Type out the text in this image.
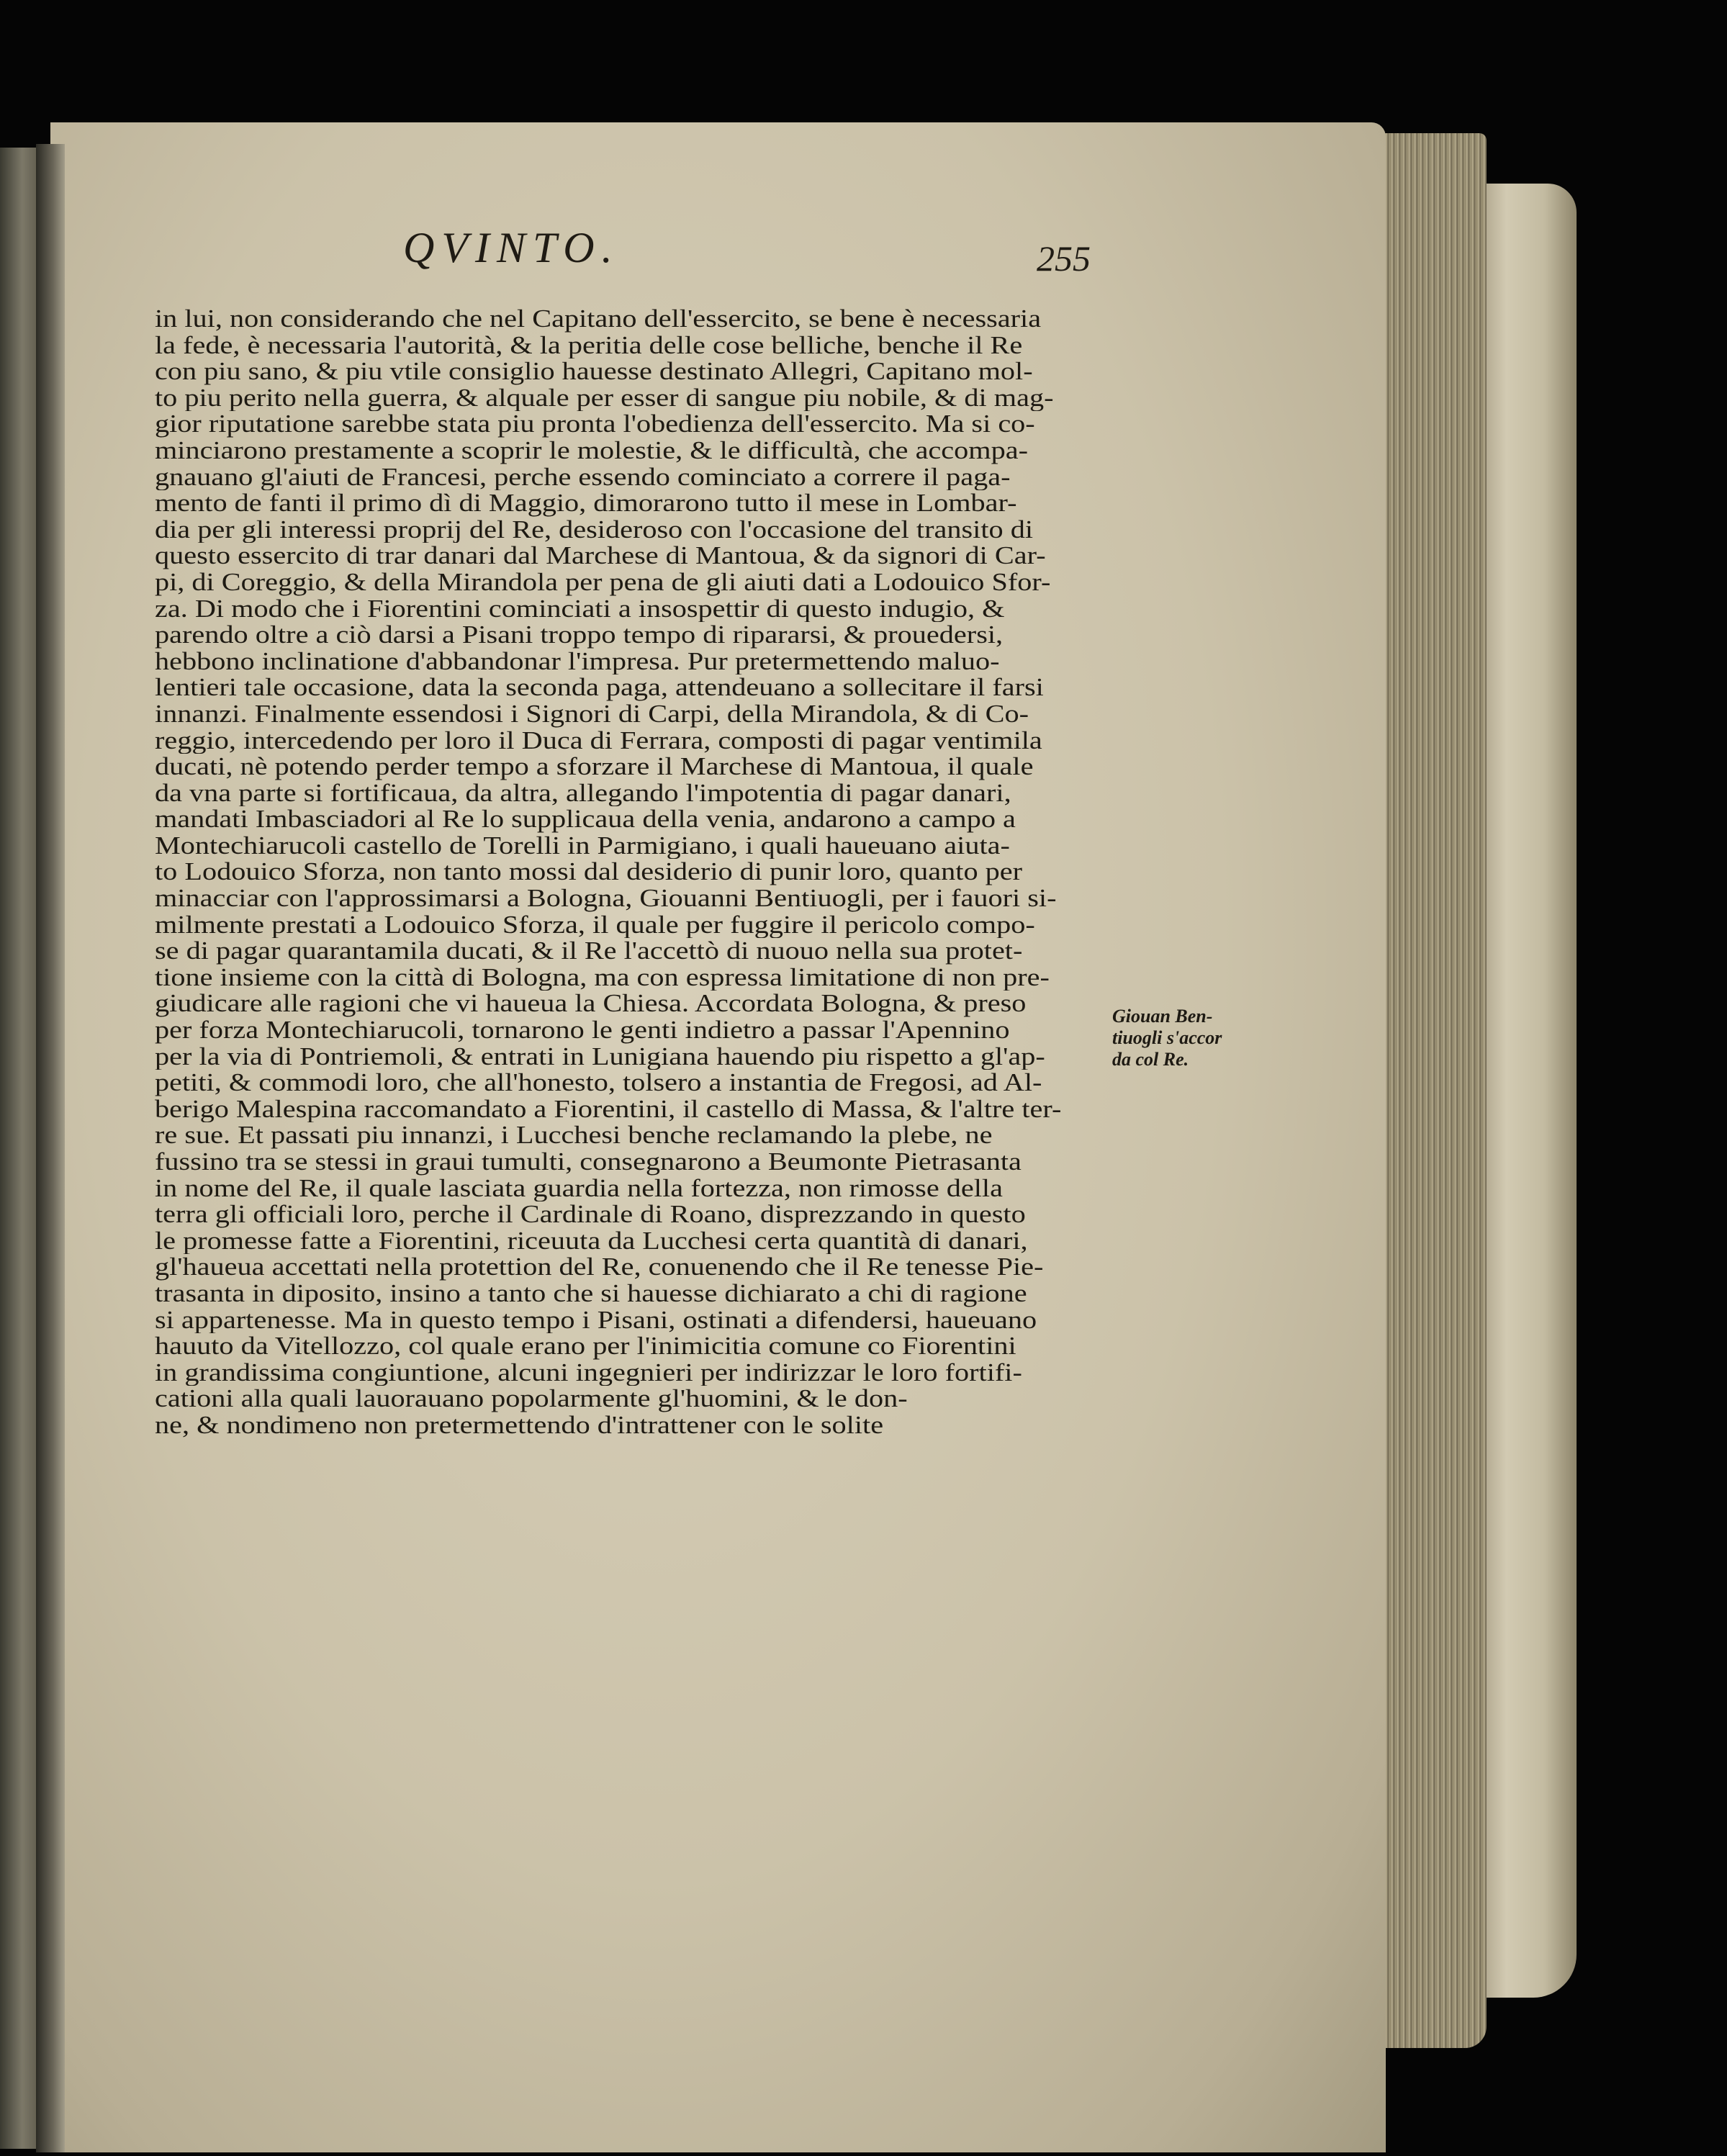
QVINTO.	255
in lui, non considerando che nel Capitano dell'essercito, se bene è necessaria
la fede, è necessaria l'autorità, & la peritia delle cose belliche, benche il Re
con piu sano, & piu vtile consiglio hauesse destinato Allegri, Capitano mol-
to piu perito nella guerra, & alquale per esser di sangue piu nobile, & di mag-
gior riputatione sarebbe stata piu pronta l'obedienza dell'essercito. Ma si co-
minciarono prestamente a scoprir le molestie, & le difficultà, che accompa-
gnauano gl'aiuti de Francesi, perche essendo cominciato a correre il paga-
mento de fanti il primo dì di Maggio, dimorarono tutto il mese in Lombar-
dia per gli interessi proprij del Re, desideroso con l'occasione del transito di
questo essercito di trar danari dal Marchese di Mantoua, & da signori di Car-
pi, di Coreggio, & della Mirandola per pena de gli aiuti dati a Lodouico Sfor-
za. Di modo che i Fiorentini cominciati a insospettir di questo indugio, &
parendo oltre a ciò darsi a Pisani troppo tempo di ripararsi, & prouedersi,
hebbono inclinatione d'abbandonar l'impresa. Pur pretermettendo maluo-
lentieri tale occasione, data la seconda paga, attendeuano a sollecitare il farsi
innanzi. Finalmente essendosi i Signori di Carpi, della Mirandola, & di Co-
reggio, intercedendo per loro il Duca di Ferrara, composti di pagar ventimila
ducati, nè potendo perder tempo a sforzare il Marchese di Mantoua, il quale
da vna parte si fortificaua, da altra, allegando l'impotentia di pagar danari,
mandati Imbasciadori al Re lo supplicaua della venia, andarono a campo a
Montechiarucoli castello de Torelli in Parmigiano, i quali haueuano aiuta-
to Lodouico Sforza, non tanto mossi dal desiderio di punir loro, quanto per
minacciar con l'approssimarsi a Bologna, Giouanni Bentiuogli, per i fauori si-
milmente prestati a Lodouico Sforza, il quale per fuggire il pericolo compo-
se di pagar quarantamila ducati, & il Re l'accettò di nuouo nella sua protet-
tione insieme con la città di Bologna, ma con espressa limitatione di non pre-
giudicare alle ragioni che vi haueua la Chiesa. Accordata Bologna, & preso
per forza Montechiarucoli, tornarono le genti indietro a passar l'Apennino
per la via di Pontriemoli, & entrati in Lunigiana hauendo piu rispetto a gl'ap-
petiti, & commodi loro, che all'honesto, tolsero a instantia de Fregosi, ad Al-
berigo Malespina raccomandato a Fiorentini, il castello di Massa, & l'altre ter-
re sue. Et passati piu innanzi, i Lucchesi benche reclamando la plebe, ne
fussino tra se stessi in graui tumulti, consegnarono a Beumonte Pietrasanta
in nome del Re, il quale lasciata guardia nella fortezza, non rimosse della
terra gli officiali loro, perche il Cardinale di Roano, disprezzando in questo
le promesse fatte a Fiorentini, riceuuta da Lucchesi certa quantità di danari,
gl'haueua accettati nella protettion del Re, conuenendo che il Re tenesse Pie-
trasanta in diposito, insino a tanto che si hauesse dichiarato a chi di ragione
si appartenesse. Ma in questo tempo i Pisani, ostinati a difendersi, haueuano
hauuto da Vitellozzo, col quale erano per l'inimicitia comune co Fiorentini
in grandissima congiuntione, alcuni ingegnieri per indirizzar le loro fortifi-
cationi alla quali lauorauano popolarmente gl'huomini, & le don-
ne, & nondimeno non pretermettendo d'intrattener con le solite
Giouan Ben-
tiuogli s'accor
da col Re.
